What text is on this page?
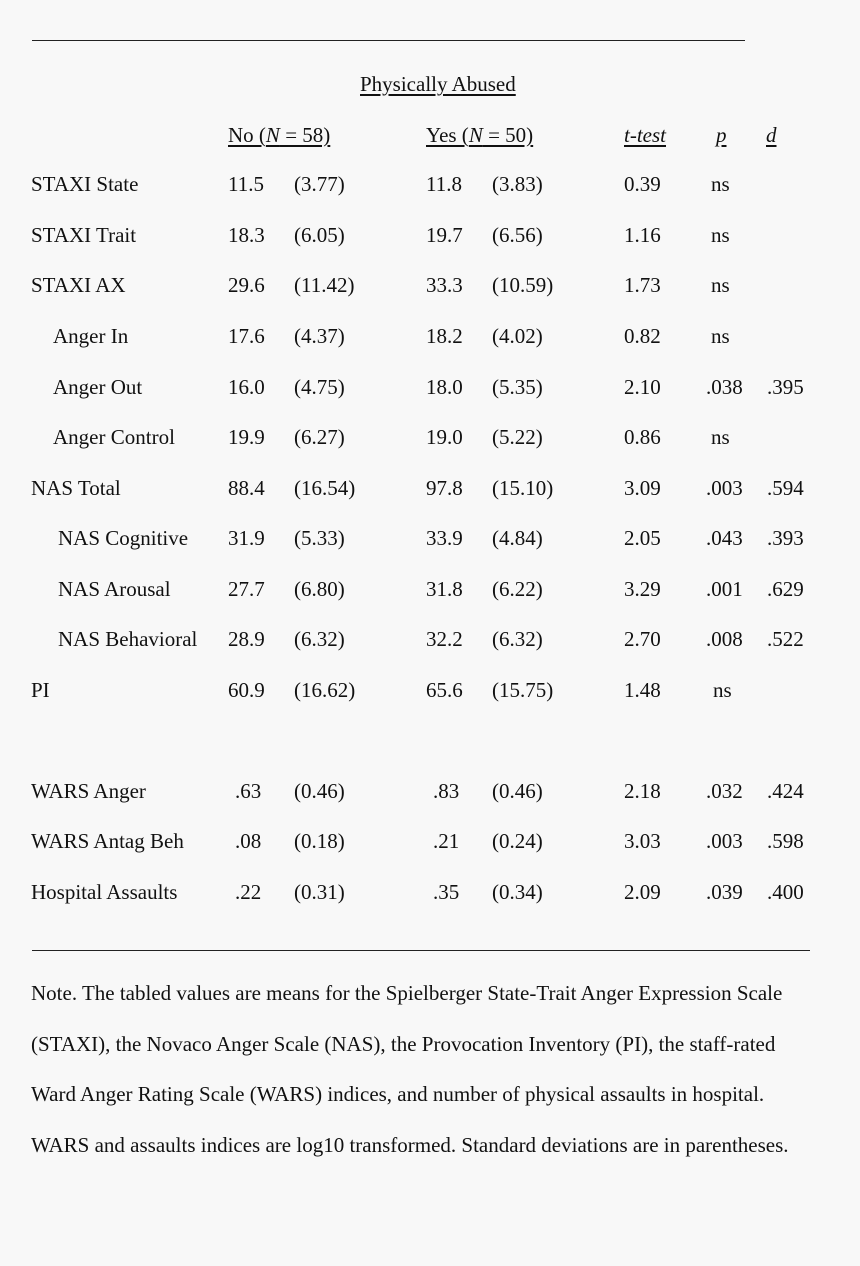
Physically Abused
No (N = 58)	Yes (N = 50)	t-test p d
STAXI State	11.5 (3.77)	11.8 (3.83)	0.39 ns
STAXI Trait	18.3 (6.05)	19.7 (6.56)	1.16 ns
STAXI AX	29.6 (11.42)	33.3 (10.59)	1.73 ns
Anger In	17.6 (4.37)	18.2 (4.02)	0.82 ns
Anger Out	16.0 (4.75)	18.0 (5.35)	2.10 .038 .395
Anger Control	19.9 (6.27)	19.0 (5.22)	0.86 ns
NAS Total	88.4 (16.54)	97.8 (15.10)	3.09 .003 .594
NAS Cognitive 31.9 (5.33)	33.9 (4.84)	2.05 .043 .393
NAS Arousal	27.7 (6.80)	31.8 (6.22)	3.29 .001 .629
NAS Behavioral 28.9 (6.32)	32.2 (6.32)	2.70 .008 .522
PI	60.9 (16.62)	65.6 (15.75)	1.48 ns
WARS Anger	.63 (0.46)	.83 (0.46)	2.18 .032 .424
WARS Antag Beh .08 (0.18)	.21 (0.24)	3.03 .003 .598
Hospital Assaults	.22 (0.31)	.35 (0.34)	2.09 .039 .400

Note. The tabled values are means for the Spielberger State-Trait Anger Expression Scale

(STAXI), the Novaco Anger Scale (NAS), the Provocation Inventory (PI), the staff-rated

Ward Anger Rating Scale (WARS) indices, and number of physical assaults in hospital.

WARS and assaults indices are log10 transformed. Standard deviations are in parentheses.
